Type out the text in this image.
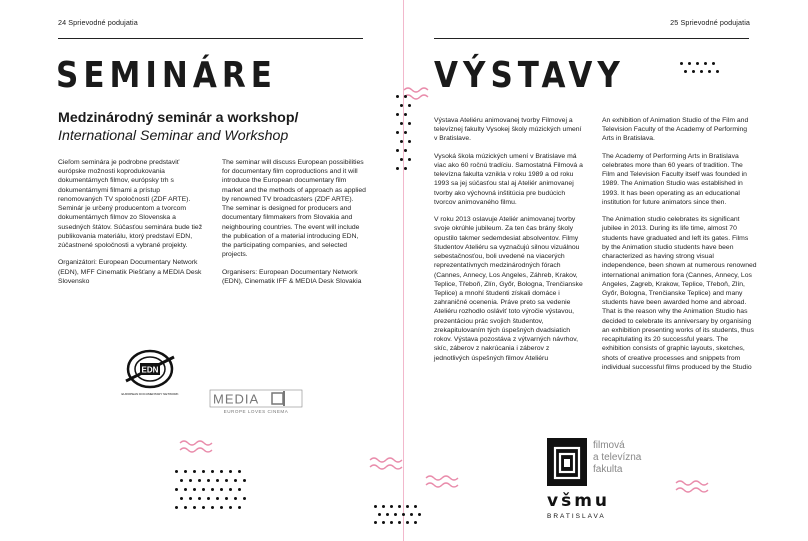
24 Sprievodné podujatia
SEMINÁRE
Medzinárodný seminár a workshop/
International Seminar and Workshop

Cieľom seminára je podrobne predstaviť európske možnosti koprodukovania dokumentárnych filmov, európsky trh s dokumentárnymi filmami a prístup renomovaných TV spoločností (ZDF ARTE). Seminár je určený producentom a tvorcom dokumentárnych filmov zo Slovenska a susedných štátov. Súčasťou seminára bude tiež publikovania materiálu, ktorý predstaví EDN, zúčastnené spoločnosti a vybrané projekty.

Organizátori: European Documentary Network (EDN), MFF Cinematik Piešťany a MEDIA Desk Slovensko

The seminar will discuss European possibilities for documentary film coproductions and it will introduce the European documentary film market and the methods of approach as applied by renowned TV broadcasters (ZDF ARTE). The seminar is designed for producers and documentary filmmakers from Slovakia and neighbouring countries. The event will include the publication of a material introducing EDN, the participating companies, and selected projects.

Organisers: European Documentary Network (EDN), Cinematik IFF & MEDIA Desk Slovakia

EDN
EUROPEAN DOCUMENTARY NETWORK	MEDIA
EUROPE LOVES CINEMA
25 Sprievodné podujatia
VÝSTAVY

Výstava Ateliéru animovanej tvorby Filmovej a televíznej fakulty Vysokej školy múzických umení v Bratislave.

Vysoká škola múzických umení v Bratislave má viac ako 60 ročnú tradíciu. Samostatná Filmová a televízna fakulta vznikla v roku 1989 a od roku 1993 sa jej súčasťou stal aj Ateliér animovanej tvorby ako výchovná inštitúcia pre budúcich tvorcov animovaného filmu.

V roku 2013 oslavuje Ateliér animovanej tvorby svoje okrúhle jubileum. Za ten čas brány školy opustilo takmer sedemdesiat absolventov. Filmy študentov Ateliéru sa vyznačujú silnou vizuálnou sebestačnosťou, boli uvedené na viacerých reprezentatívnych medzinárodných fórach (Cannes, Annecy, Los Angeles, Záhreb, Krakov, Teplice, Třeboň, Zlín, Győr, Bologna, Trenčianske Teplice) a mnohí študenti získali domáce i zahraničné ocenenia. Práve preto sa vedenie Ateliéru rozhodlo osláviť toto výročie výstavou, prezentáciou prác svojich študentov, zrekapitulovaním tých úspešných dvadsiatich rokov. Výstava pozostáva z výtvarných návrhov, skíc, záberov z nakrúcania i záberov z jednotlivých úspešných filmov Ateliéru

An exhibition of Animation Studio of the Film and Television Faculty of the Academy of Performing Arts in Bratislava.

The Academy of Performing Arts in Bratislava celebrates more than 60 years of tradition. The Film and Television Faculty itself was founded in 1989. The Animation Studio was established in 1993. It has been operating as an educational institution for future animators since then.

The Animation studio celebrates its significant jubilee in 2013. During its life time, almost 70 students have graduated and left its gates. Films by the Animation studio students have been characterized as having strong visual independence, been shown at numerous renowned international animation fora (Cannes, Annecy, Los Angeles, Zagreb, Krakow, Teplice, Třeboň, Zlín, Győr, Bologna, Trenčianske Teplice) and many students have been awarded home and abroad. That is the reason why the Animation Studio has decided to celebrate its anniversary by organising an exhibition presenting works of its students, thus recapitulating its 20 successful years. The exhibition consists of graphic layouts, sketches, shots of creative processes and snippets from individual successful films produced by the Studio

filmová
a televízna
fakulta
všmu
BRATISLAVA
